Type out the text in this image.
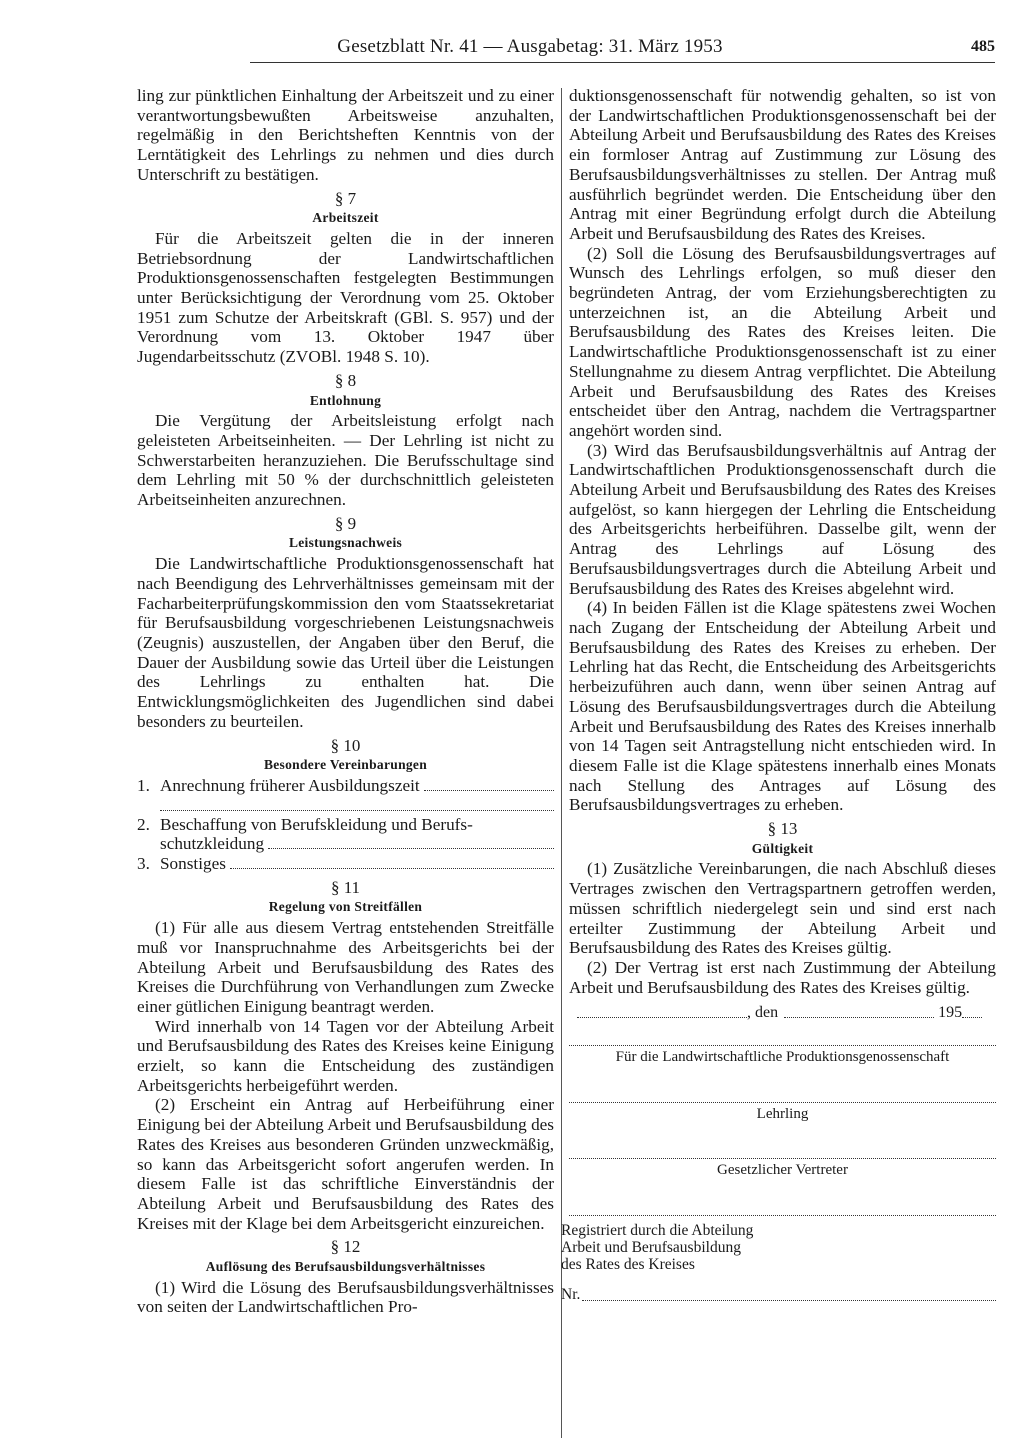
Gesetzblatt Nr. 41 — Ausgabetag: 31. März 1953	485

ling zur pünktlichen Einhaltung der Arbeitszeit und zu einer verantwortungsbewußten Arbeitsweise anzuhalten, regelmäßig in den Berichtsheften Kenntnis von der Lerntätigkeit des Lehrlings zu nehmen und dies durch Unterschrift zu bestätigen.

§ 7
Arbeitszeit

Für die Arbeitszeit gelten die in der inneren Betriebsordnung der Landwirtschaftlichen Produktionsgenossenschaften festgelegten Bestimmungen unter Berücksichtigung der Verordnung vom 25. Oktober 1951 zum Schutze der Arbeitskraft (GBl. S. 957) und der Verordnung vom 13. Oktober 1947 über Jugendarbeitsschutz (ZVOBl. 1948 S. 10).

§ 8
Entlohnung

Die Vergütung der Arbeitsleistung erfolgt nach geleisteten Arbeitseinheiten. — Der Lehrling ist nicht zu Schwerstarbeiten heranzuziehen. Die Berufsschultage sind dem Lehrling mit 50 % der durchschnittlich geleisteten Arbeitseinheiten anzurechnen.

§ 9
Leistungsnachweis

Die Landwirtschaftliche Produktionsgenossenschaft hat nach Beendigung des Lehrverhältnisses gemeinsam mit der Facharbeiterprüfungskommission den vom Staatssekretariat für Berufsausbildung vorgeschriebenen Leistungsnachweis (Zeugnis) auszustellen, der Angaben über den Beruf, die Dauer der Ausbildung sowie das Urteil über die Leistungen des Lehrlings zu enthalten hat. Die Entwicklungsmöglichkeiten des Jugendlichen sind dabei besonders zu beurteilen.

§ 10
Besondere Vereinbarungen
1. Anrechnung früherer Ausbildungszeit
2. Beschaffung von Berufskleidung und Berufs-
schutzkleidung
3. Sonstiges
§ 11
Regelung von Streitfällen

(1) Für alle aus diesem Vertrag entstehenden Streitfälle muß vor Inanspruchnahme des Arbeitsgerichts bei der Abteilung Arbeit und Berufsausbildung des Rates des Kreises die Durchführung von Verhandlungen zum Zwecke einer gütlichen Einigung beantragt werden.

Wird innerhalb von 14 Tagen vor der Abteilung Arbeit und Berufsausbildung des Rates des Kreises keine Einigung erzielt, so kann die Entscheidung des zuständigen Arbeitsgerichts herbeigeführt werden.

(2) Erscheint ein Antrag auf Herbeiführung einer Einigung bei der Abteilung Arbeit und Berufsausbildung des Rates des Kreises aus besonderen Gründen unzweckmäßig, so kann das Arbeitsgericht sofort angerufen werden. In diesem Falle ist das schriftliche Einverständnis der Abteilung Arbeit und Berufsausbildung des Rates des Kreises mit der Klage bei dem Arbeitsgericht einzureichen.

§ 12
Auflösung des Berufsausbildungsverhältnisses

(1) Wird die Lösung des Berufsausbildungsverhältnisses von seiten der Landwirtschaftlichen Pro-

duktionsgenossenschaft für notwendig gehalten, so ist von der Landwirtschaftlichen Produktionsgenossenschaft bei der Abteilung Arbeit und Berufsausbildung des Rates des Kreises ein formloser Antrag auf Zustimmung zur Lösung des Berufsausbildungsverhältnisses zu stellen. Der Antrag muß ausführlich begründet werden. Die Entscheidung über den Antrag mit einer Begründung erfolgt durch die Abteilung Arbeit und Berufsausbildung des Rates des Kreises.

(2) Soll die Lösung des Berufsausbildungsvertrages auf Wunsch des Lehrlings erfolgen, so muß dieser den begründeten Antrag, der vom Erziehungsberechtigten zu unterzeichnen ist, an die Abteilung Arbeit und Berufsausbildung des Rates des Kreises leiten. Die Landwirtschaftliche Produktionsgenossenschaft ist zu einer Stellungnahme zu diesem Antrag verpflichtet. Die Abteilung Arbeit und Berufsausbildung des Rates des Kreises entscheidet über den Antrag, nachdem die Vertragspartner angehört worden sind.

(3) Wird das Berufsausbildungsverhältnis auf Antrag der Landwirtschaftlichen Produktionsgenossenschaft durch die Abteilung Arbeit und Berufsausbildung des Rates des Kreises aufgelöst, so kann hiergegen der Lehrling die Entscheidung des Arbeitsgerichts herbeiführen. Dasselbe gilt, wenn der Antrag des Lehrlings auf Lösung des Berufsausbildungsvertrages durch die Abteilung Arbeit und Berufsausbildung des Rates des Kreises abgelehnt wird.

(4) In beiden Fällen ist die Klage spätestens zwei Wochen nach Zugang der Entscheidung der Abteilung Arbeit und Berufsausbildung des Rates des Kreises zu erheben. Der Lehrling hat das Recht, die Entscheidung des Arbeitsgerichts herbeizuführen auch dann, wenn über seinen Antrag auf Lösung des Berufsausbildungsvertrages durch die Abteilung Arbeit und Berufsausbildung des Rates des Kreises innerhalb von 14 Tagen seit Antragstellung nicht entschieden wird. In diesem Falle ist die Klage spätestens innerhalb eines Monats nach Stellung des Antrages auf Lösung des Berufsausbildungsvertrages zu erheben.

§ 13
Gültigkeit

(1) Zusätzliche Vereinbarungen, die nach Abschluß dieses Vertrages zwischen den Vertragspartnern getroffen werden, müssen schriftlich niedergelegt sein und sind erst nach erteilter Zustimmung der Abteilung Arbeit und Berufsausbildung des Rates des Kreises gültig.

(2) Der Vertrag ist erst nach Zustimmung der Abteilung Arbeit und Berufsausbildung des Rates des Kreises gültig.

, den	195
Für die Landwirtschaftliche Produktionsgenossenschaft
Lehrling
Gesetzlicher Vertreter
Registriert durch die Abteilung
Arbeit und Berufsausbildung
des Rates des Kreises
Nr.
